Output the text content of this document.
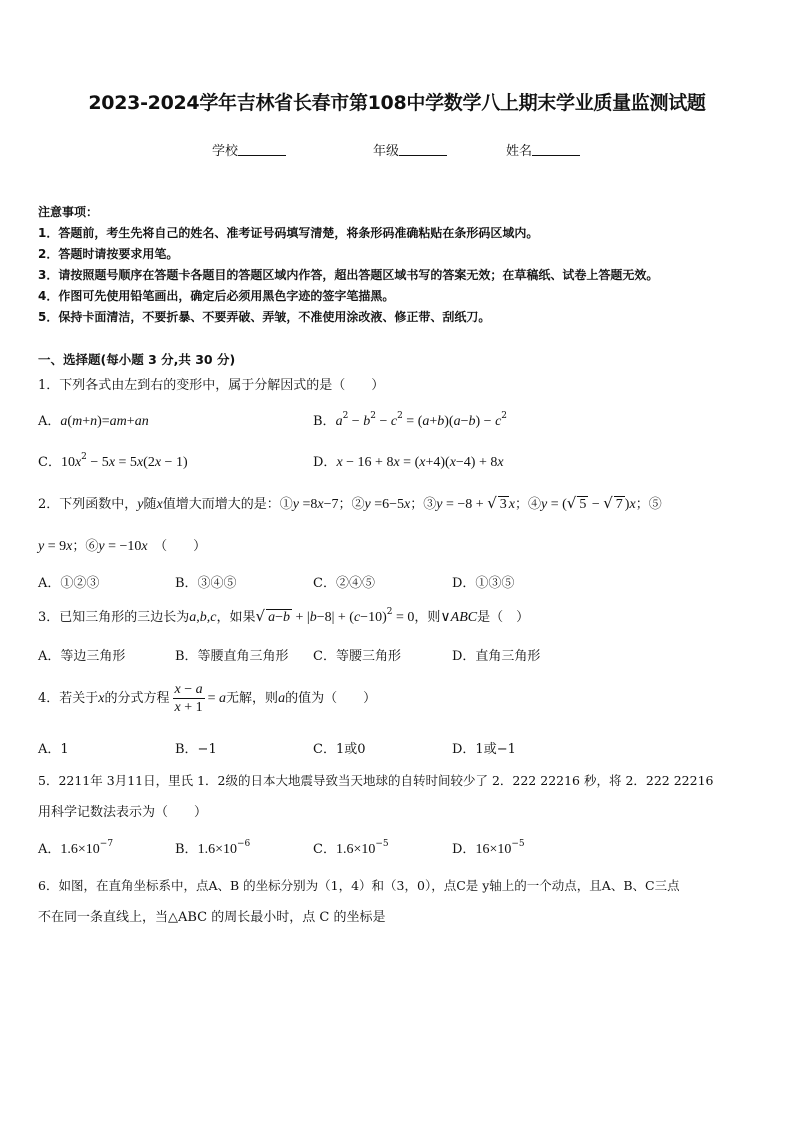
2023-2024学年吉林省长春市第108中学数学八上期末学业质量监测试题
学校	年级	姓名
注意事项：
1．答题前，考生先将自己的姓名、准考证号码填写清楚，将条形码准确粘贴在条形码区域内。
2．答题时请按要求用笔。
3．请按照题号顺序在答题卡各题目的答题区域内作答，超出答题区域书写的答案无效；在草稿纸、试卷上答题无效。
4．作图可先使用铅笔画出，确定后必须用黑色字迹的签字笔描黑。
5．保持卡面清洁，不要折暴、不要弄破、弄皱，不准使用涂改液、修正带、刮纸刀。
一、选择题(每小题 3 分,共 30 分)
1．下列各式由左到右的变形中，属于分解因式的是（　　）
A．a(m+n)=am+an	B．$a^2 - b^2 - c^2 = (a+b)(a-b) - c^2$
C．$10x^2 - 5x = 5x(2x - 1)$	D．x − 16 + 8x = (x+4)(x−4) + 8x
2．下列函数中，y随x值增大而增大的是：①y =8x−7；②y =6−5x；③y = −8 + √ 3 x；④y = (√ 5 − √ 7 )x；⑤
y = 9x；⑥y = −10x　 （　　）
A．①②③	B．③④⑤	C．②④⑤	D．①③⑤
3．已知三角形的三边长为a,b,c，如果√ $a-b + |b-8| + (c-10)^2 = 0$，则∨ABC是（　）
A．等边三角形	B．等腰直角三角形 C．等腰三角形	D．直角三角形
4．若关于x的分式方程 $\frac{x - a}{x + 1} = a$无解，则a的值为（　　）
A．1	B．−1	C．1或0	D．1或−1
5．2211年 3月11日，里氏 1．2级的日本大地震导致当天地球的自转时间较少了 2．222 22216 秒，将 2．222 22216
用科学记数法表示为（　　）
A．$1.6\times 10^{-7}$	B．$1.6\times 10^{-6}$	C．$1.6\times 10^{-5}$	D．$16\times 10^{-5}$
6．如图，在直角坐标系中，点A、B 的坐标分别为（1，4）和（3，0），点C是 y轴上的一个动点，且A、B、C三点
不在同一条直线上，当△ABC 的周长最小时，点 C 的坐标是
